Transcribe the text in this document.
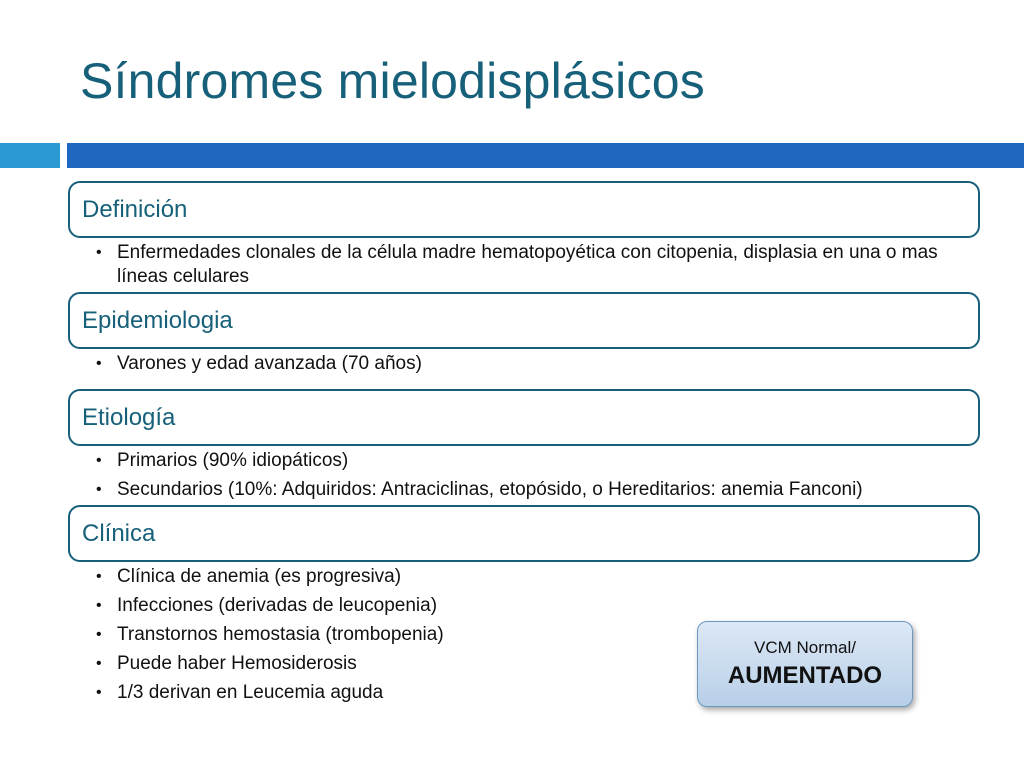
Síndromes mielodisplásicos
Definición
• Enfermedades clonales de la célula madre hematopoyética con citopenia, displasia en una o mas líneas celulares
Epidemiologia
• Varones y edad avanzada (70 años)
Etiología
• Primarios (90% idiopáticos)
• Secundarios (10%: Adquiridos: Antraciclinas, etopósido, o Hereditarios: anemia Fanconi)
Clínica
• Clínica de anemia (es progresiva)
• Infecciones (derivadas de leucopenia)
• Transtornos hemostasia (trombopenia)
• Puede haber Hemosiderosis
• 1/3 derivan en Leucemia aguda
VCM Normal/
AUMENTADO
